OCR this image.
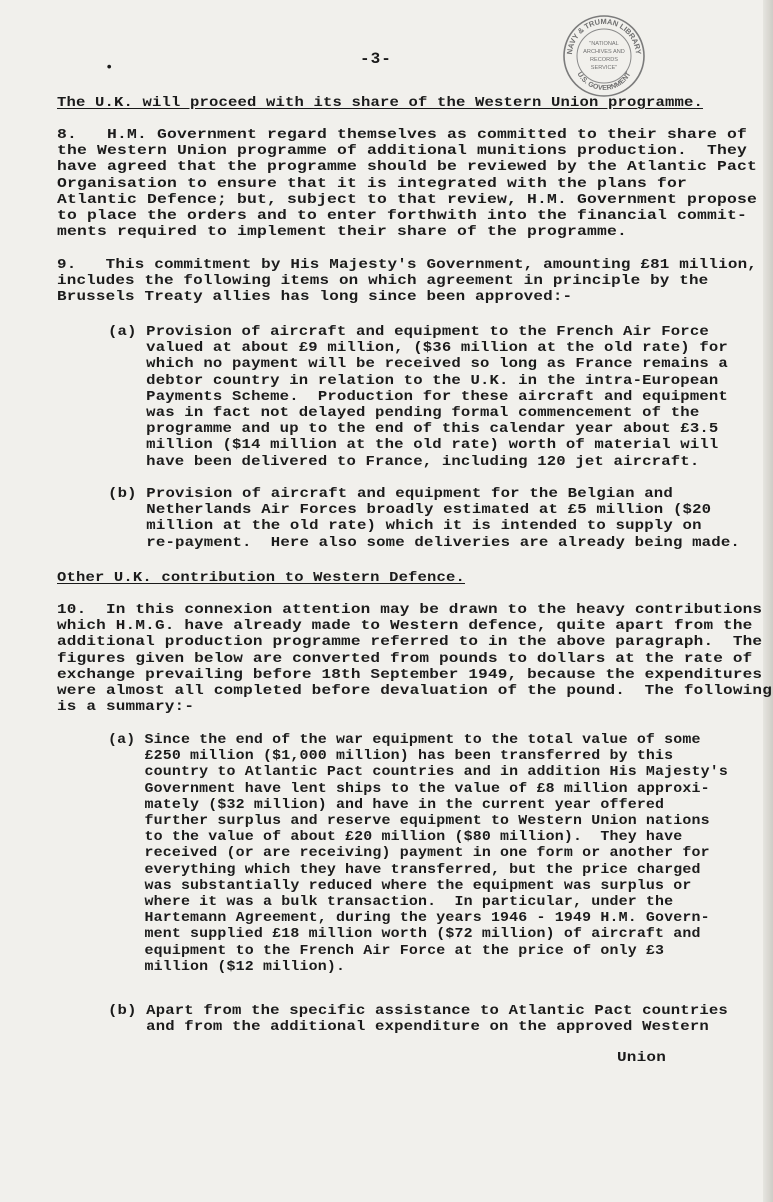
NAVY & TRUMAN LIBRARY
U.S. GOVERNMENT
"NATIONAL
ARCHIVES AND
RECORDS
SERVICE"
•	-3-
The U.K. will proceed with its share of the Western Union programme.
8.   H.M. Government regard themselves as committed to their share of
the Western Union programme of additional munitions production.  They
have agreed that the programme should be reviewed by the Atlantic Pact
Organisation to ensure that it is integrated with the plans for
Atlantic Defence; but, subject to that review, H.M. Government propose
to place the orders and to enter forthwith into the financial commit-
ments required to implement their share of the programme.
9.   This commitment by His Majesty's Government, amounting £81 million,
includes the following items on which agreement in principle by the
Brussels Treaty allies has long since been approved:-
(a) Provision of aircraft and equipment to the French Air Force
valued at about £9 million, ($36 million at the old rate) for
which no payment will be received so long as France remains a
debtor country in relation to the U.K. in the intra-European
Payments Scheme.  Production for these aircraft and equipment
was in fact not delayed pending formal commencement of the
programme and up to the end of this calendar year about £3.5
million ($14 million at the old rate) worth of material will
have been delivered to France, including 120 jet aircraft.
(b) Provision of aircraft and equipment for the Belgian and
Netherlands Air Forces broadly estimated at £5 million ($20
million at the old rate) which it is intended to supply on
re-payment.  Here also some deliveries are already being made.
Other U.K. contribution to Western Defence.
10.  In this connexion attention may be drawn to the heavy contributions
which H.M.G. have already made to Western defence, quite apart from the
additional production programme referred to in the above paragraph.  The
figures given below are converted from pounds to dollars at the rate of
exchange prevailing before 18th September 1949, because the expenditures
were almost all completed before devaluation of the pound.  The following
is a summary:-
(a) Since the end of the war equipment to the total value of some
£250 million ($1,000 million) has been transferred by this
country to Atlantic Pact countries and in addition His Majesty's
Government have lent ships to the value of £8 million approxi-
mately ($32 million) and have in the current year offered
further surplus and reserve equipment to Western Union nations
to the value of about £20 million ($80 million).  They have
received (or are receiving) payment in one form or another for
everything which they have transferred, but the price charged
was substantially reduced where the equipment was surplus or
where it was a bulk transaction.  In particular, under the
Hartemann Agreement, during the years 1946 - 1949 H.M. Govern-
ment supplied £18 million worth ($72 million) of aircraft and
equipment to the French Air Force at the price of only £3
million ($12 million).
(b) Apart from the specific assistance to Atlantic Pact countries
and from the additional expenditure on the approved Western
Union
